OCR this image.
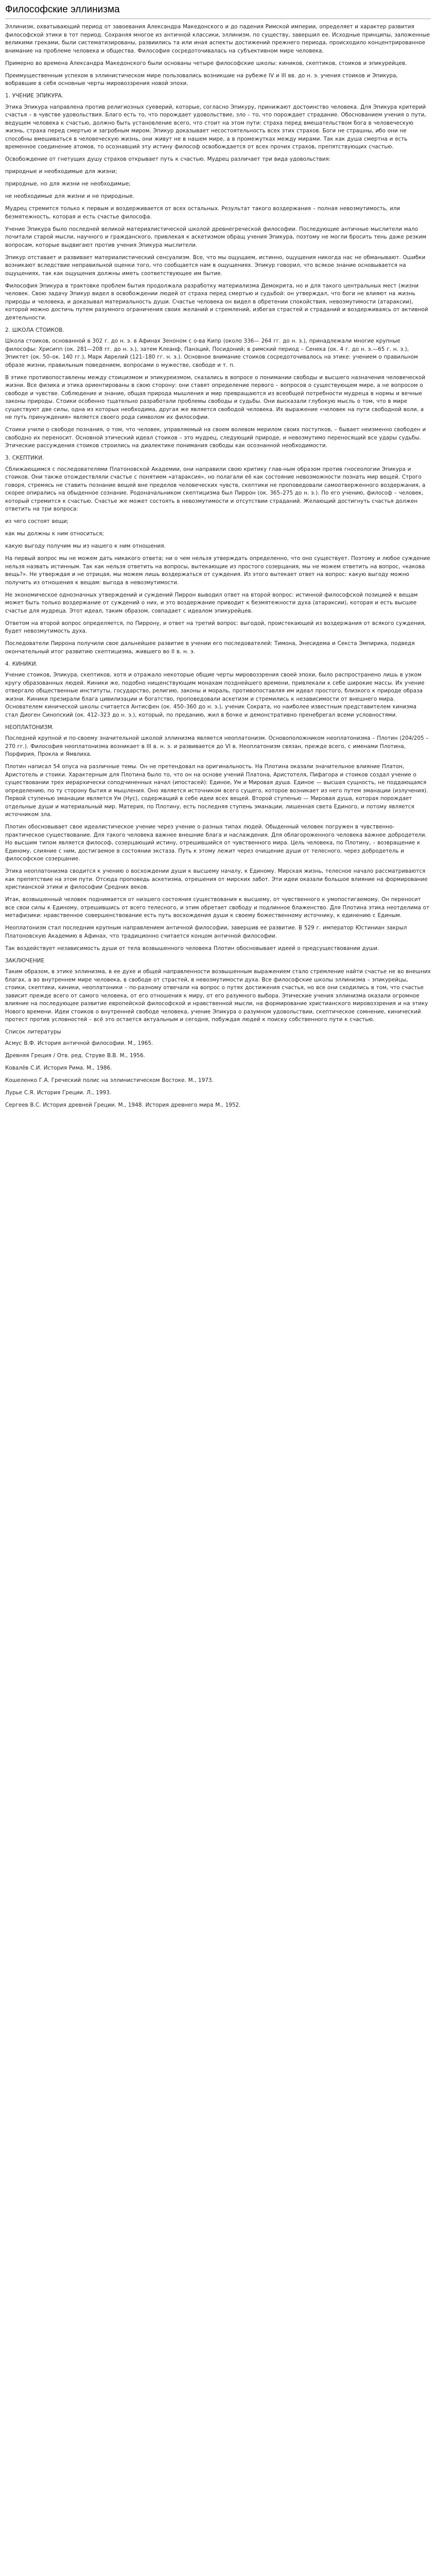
Философские эллинизма

Эллинизм, охватывающий период от завоевания Александра Македонского и до падения Римской империи, определяет и характер развития философской этики в тот период. Сохраняя многое из античной классики, эллинизм, по существу, завершил ее. Исходные принципы, заложенные великими греками, были систематизированы, развиились та или иная аспекты достижений прежнего периода, происходило концентрированное внимание на проблеме человека и общества. Философия сосредоточивалась на субъективном мире человека.

Примерно во времена Александра Македонского были основаны четыре философские школы: киников, скептиков, стоиков и эпикурейцев.

Преимущественным успехом в эллинистическом мире пользовались возникшие на рубеже IV и III вв. до н. э. учения стоиков и Эпикура, вобравшие в себя основные черты мировоззрения новой эпохи.

1. УЧЕНИЕ ЭПИКУРА.

Этика Эпикура направлена против религиозных суеверий, которые, согласно Эпикуру, принижают достоинство человека. Для Эпикура критерий счастья – в чувстве удовольствия. Благо есть то, что порождает удовольствие, зло – то, что порождает страдание. Обоснованием учения о пути, ведущем человека к счастью, должно быть установление всего, что стоит на этом пути: страха перед вмешательством бога в человеческую жизнь, страха перед смертью и загробным миром. Эпикур доказывает несостоятельность всех этих страхов. Боги не страшны, ибо они не способны вмешиваться в человеческую жизнь, они живут не в нашем мире, а в промежутках между мирами. Так как душа смертна и есть временное соединение атомов, то осознавший эту истину философ освобождается от всех прочих страхов, препятствующих счастью.

Освобождение от гнетущих душу страхов открывает путь к счастью. Мудрец различает три вида удовольствия:

природные и необходимые для жизни;

природные, но для жизни не необходимые;

не необходимые для жизни и не природные.

Мудрец стремится только к первым и воздерживается от всех остальных. Результат такого воздержания – полная невозмутимость, или безмятежность, которая и есть счастье философа.

Учение Эпикура было последней великой материалистической школой древнегреческой философии. Последующие античные мыслители мало почитали старой мысли, научного и гражданского, привлекая к аскетизмом обращ учения Эпикура, поэтому не могли бросить тень даже резким вопросам, которые выдвигают против учения Эпикура мыслители.

Эпикур отставает и развивает материалистический сенсуализм. Все, что мы ощущаем, истинно, ощущения никогда нас не обманывают. Ошибки возникают вследствие неправильной оценки того, что сообщается нам в ощущениях. Эпикур говорил, что всякое знание основывается на ощущениях, так как ощущения должны иметь соответствующее им бытие.

Философия Эпикура в трактовке проблем бытия продолжала разработку материализма Демокрита, но и для такого центральных мест (жизни человек. Свою задачу Эпикур видел в освобождении людей от страха перед смертью и судьбой: он утверждал, что боги не влияют на жизнь природы и человека, и доказывал материальность души. Счастье человека он видел в обретении спокойствия, невозмутимости (атараксии), которой можно достичь путем разумного ограничения своих желаний и стремлений, избегая страстей и страданий и воздерживаясь от активной деятельности.

2. ШКОЛА СТОИКОВ.

Школа стоиков, основанной в 302 г. до н. э. в Афинах Зеноном с о-ва Кипр (около 336— 264 гг. до н. э.), принадлежали многие крупные философы: Хрисипп (ок. 281—208 гг. до н. э.), затем Клеанф, Панэций, Посидоний; в римский период – Сенека (ок. 4 г. до н. э.—65 г. н. э.), Эпиктет (ок. 50–ок. 140 гг.), Марк Аврелий (121–180 гг. н. э.). Основное внимание стоиков сосредоточивалось на этике: учением о правильном образе жизни, правильным поведением, вопросами о мужестве, свободе и т. п.

В этике противопоставлены между стоицизмом и эпикуреизмом, сказались в вопросе о понимании свободы и высшего назначения человеческой жизни. Все физика и этика ориентированы в свою сторону: они ставят определение первого – вопросов о существующем мире, а не вопросом о свободе и чувстве. Соблюдение и знание, общая природа мышления и мир превращаются из всеобщей потребности мудреца в нормы и вечные законы природы. Стоики особенно тщательно разработали проблемы свободы и судьбы. Они высказали глубокую мысль о том, что в мире существуют две силы, одна из которых необходима, другая же является свободой человека. Их выражение «человек на пути свободной воли, а не путь принуждения» является своего рода символом их философии.

Стоики учили о свободе познания, о том, что человек, управляемый на своем волевом мерилом своих поступков, – бывает неизменно свободен и свободно их переносит. Основной этический идеал стоиков – это мудрец, следующий природе, и невозмутимо переносящий все удары судьбы. Этические рассуждения стоиков строились на диалектике понимания свободы как осознанной необходимости.

3. СКЕПТИКИ.

Сближающимся с последователями Платоновской Академии, они направили свою критику глав-ным образом против гносеологии Эпикура и стоиков. Они также отождествляли счастье с понятием «атараксия», но полагали её как состояние невозможности познать мир вещей. Строго говоря, стремясь не ставить познание вещей вне пределов человеческих чувств, скептики не проповедовали самоотверженного воздержания, а скорее опирались на обыденное сознание. Родоначальником скептицизма был Пиррон (ок. 365–275 до н. э.). По его учению, философ – человек, который стремится к счастью. Счастье же может состоять в невозмутимости и отсутствии страданий. Желающий достигнуть счастья должен ответить на три вопроса:

из чего состоят вещи;

как мы должны к ним относиться;

какую выгоду получим мы из нашего к ним отношения.

На первый вопрос мы не можем дать никакого ответа; ни о чем нельзя утверждать определенно, что оно существует. Поэтому и любое суждение нельзя назвать истинным. Так как нельзя ответить на вопросы, вытекающие из простого созерцания, мы не можем ответить на вопрос, «какова вещь?». Не утверждая и не отрицая, мы можем лишь воздержаться от суждения. Из этого вытекает ответ на вопрос: какую выгоду можно получить из отношения к вещам: выгода в невозмутимости.

Не экономическое однозначных утверждений и суждений Пиррон выводил ответ на второй вопрос: истинной философской позицией к вещам может быть только воздержание от суждений о них, и это воздержание приводит к безмятежности духа (атараксии), которая и есть высшее счастье для мудреца. Этот идеал, таким образом, совпадает с идеалом эпикурейцев.

Ответом на второй вопрос определяется, по Пиррону, и ответ на третий вопрос: выгодой, проистекающей из воздержания от всякого суждения, будет невозмутимость духа.

Последователи Пиррона получили свое дальнейшее развитие в учении его последователей: Тимона, Энесидема и Секста Эмпирика, подведя окончательный итог развитию скептицизма, жившего во II в. н. э.

4. КИНИКИ.

Учение стоиков, Эпикура, скептиков, хотя и отражало некоторые общие черты мировоззрения своей эпохи, было распространено лишь в узком кругу образованных людей. Киники же, подобно нищенствующим монахам позднейшего времени, привлекали к себе широкие массы. Их учение отвергало общественные институты, государство, религию, законы и мораль, противопоставляя им идеал простого, близкого к природе образа жизни. Киники презирали блага цивилизации и богатство, проповедовали аскетизм и стремились к независимости от внешнего мира. Основателем кинической школы считается Антисфен (ок. 450–360 до н. э.), ученик Сократа, но наиболее известным представителем кинизма стал Диоген Синопский (ок. 412–323 до н. э.), который, по преданию, жил в бочке и демонстративно пренебрегал всеми условностями.

НЕОПЛАТОНИЗМ.

Последней крупной и по-своему значительной школой эллинизма является неоплатонизм. Основоположником неоплатонизма – Плотин (204/205 – 270 гг.). Философия неоплатонизма возникает в III в. н. э. и развивается до VI в. Неоплатонизм связан, прежде всего, с именами Плотина, Порфирия, Прокла и Ямвлиха.

Плотин написал 54 опуса на различные темы. Он не претендовал на оригинальность. На Плотина оказали значительное влияние Платон, Аристотель и стоики. Характерным для Плотина было то, что он на основе учений Платона, Аристотеля, Пифагора и стоиков создал учение о существовании трех иерархически соподчиненных начал (ипостасей): Единое, Ум и Мировая душа. Единое — высшая сущность, не поддающаяся определению, по ту сторону бытия и мышления. Оно является источником всего сущего, которое возникает из него путем эманации (излучения). Первой ступенью эманации является Ум (Нус), содержащий в себе идеи всех вещей. Второй ступенью — Мировая душа, которая порождает отдельные души и материальный мир. Материя, по Плотину, есть последняя ступень эманации, лишенная света Единого, и потому является источником зла.

Плотин обосновывает свое идеалистическое учение через учение о разных типах людей. Обыденный человек погружен в чувственно-практическое существование. Для такого человека важнее внешние блага и наслаждения. Для облагороженного человека важнее добродетели. Но высшим типом является философ, созерцающий истину, отрешившийся от чувственного мира. Цель человека, по Плотину, – возвращение к Единому, слияние с ним, достигаемое в состоянии экстаза. Путь к этому лежит через очищение души от телесного, через добродетель и философское созерцание.

Этика неоплатонизма сводится к учению о восхождении души к высшему началу, к Единому. Мирская жизнь, телесное начало рассматриваются как препятствие на этом пути. Отсюда проповедь аскетизма, отрешения от мирских забот. Эти идеи оказали большое влияние на формирование христианской этики и философии Средних веков.

Итак, возвышенный человек поднимается от низшего состояния существования к высшему, от чувственного к умопостигаемому. Он переносит все свои силы к Единому, отрешившись от всего телесного, и этим обретает свободу и подлинное блаженство. Для Плотина этика неотделима от метафизики: нравственное совершенствование есть путь восхождения души к своему божественному источнику, к единению с Единым.

Неоплатонизм стал последним крупным направлением античной философии, завершив ее развитие. В 529 г. император Юстиниан закрыл Платоновскую Академию в Афинах, что традиционно считается концом античной философии.

Так воздействует независимость души от тела возвышенного человека Плотин обосновывает идеей о предсуществовании души.

ЗАКЛЮЧЕНИЕ

Таким образом, в этике эллинизма, в ее духе и общей направленности возвышенным выражением стало стремление найти счастье не во внешних благах, а во внутреннем мире человека, в свободе от страстей, в невозмутимости духа. Все философские школы эллинизма – эпикурейцы, стоики, скептики, киники, неоплатоники – по-разному отвечали на вопрос о путях достижения счастья, но все они сходились в том, что счастье зависит прежде всего от самого человека, от его отношения к миру, от его разумного выбора. Этические учения эллинизма оказали огромное влияние на последующее развитие европейской философской и нравственной мысли, на формирование христианского мировоззрения и на этику Нового времени. Идеи стоиков о внутренней свободе человека, учение Эпикура о разумном удовольствии, скептическое сомнение, кинический протест против условностей – всё это остается актуальным и сегодня, побуждая людей к поиску собственного пути к счастью.

Список литературы

Асмус В.Ф. История античной философии. М., 1965.

Древняя Греция / Отв. ред. Струве В.В. М., 1956.

Ковалёв С.И. История Рима. М., 1986.

Кошеленко Г.А. Греческий полис на эллинистическом Востоке. М., 1973.

Лурье С.Я. История Греции. Л., 1993.

Сергеев В.С. История древней Греции. М., 1948. История древнего мира М., 1952.
